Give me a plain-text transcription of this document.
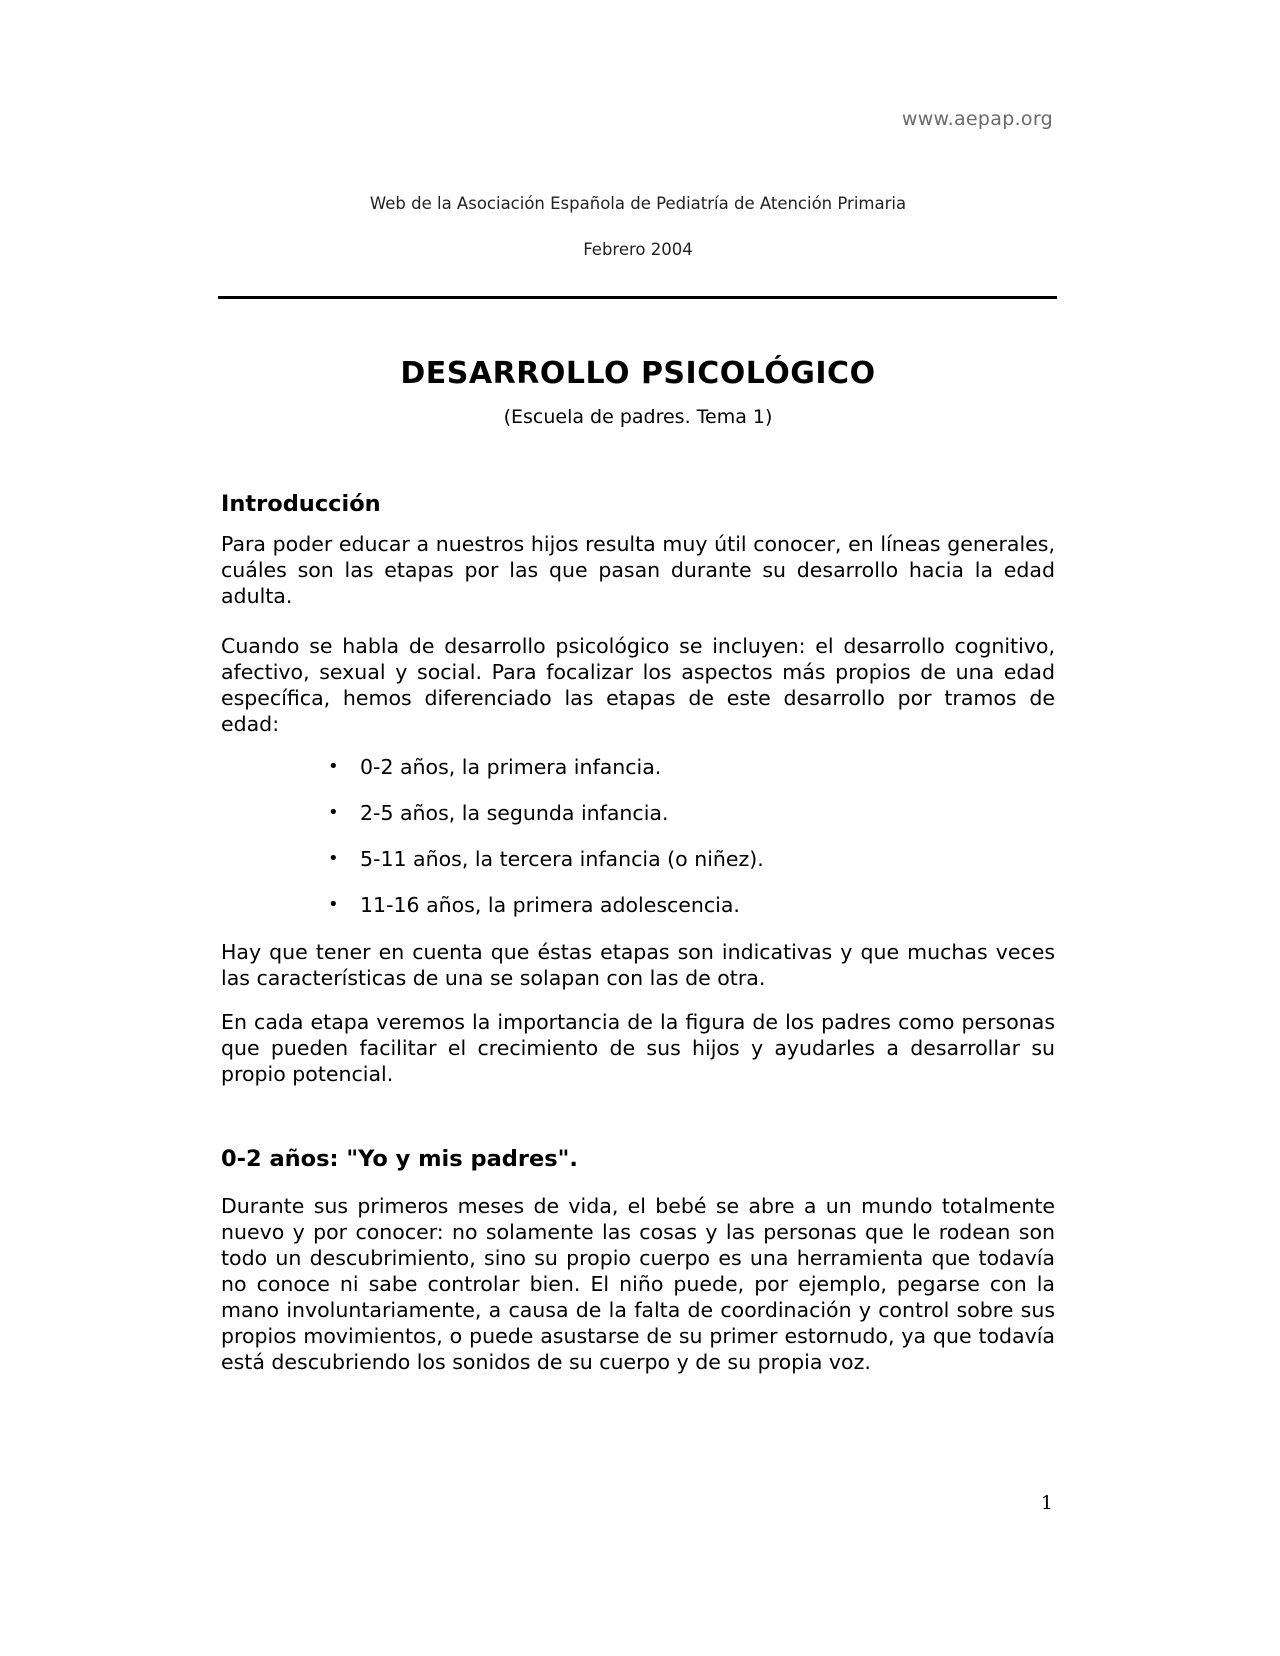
www.aepap.org
Web de la Asociación Española de Pediatría de Atención Primaria
Febrero 2004
DESARROLLO PSICOLÓGICO
(Escuela de padres. Tema 1)
Introducción

Para poder educar a nuestros hijos resulta muy útil conocer, en líneas generales, cuáles son las etapas por las que pasan durante su desarrollo hacia la edad adulta.

Cuando se habla de desarrollo psicológico se incluyen: el desarrollo cognitivo, afectivo, sexual y social. Para focalizar los aspectos más propios de una edad específica, hemos diferenciado las etapas de este desarrollo por tramos de edad:

• 0-2 años, la primera infancia.
• 2-5 años, la segunda infancia.
• 5-11 años, la tercera infancia (o niñez).
• 11-16 años, la primera adolescencia.

Hay que tener en cuenta que éstas etapas son indicativas y que muchas veces las características de una se solapan con las de otra.

En cada etapa veremos la importancia de la figura de los padres como personas que pueden facilitar el crecimiento de sus hijos y ayudarles a desarrollar su propio potencial.

0-2 años: "Yo y mis padres".

Durante sus primeros meses de vida, el bebé se abre a un mundo totalmente nuevo y por conocer: no solamente las cosas y las personas que le rodean son todo un descubrimiento, sino su propio cuerpo es una herramienta que todavía no conoce ni sabe controlar bien. El niño puede, por ejemplo, pegarse con la mano involuntariamente, a causa de la falta de coordinación y control sobre sus propios movimientos, o puede asustarse de su primer estornudo, ya que todavía está descubriendo los sonidos de su cuerpo y de su propia voz.

1
